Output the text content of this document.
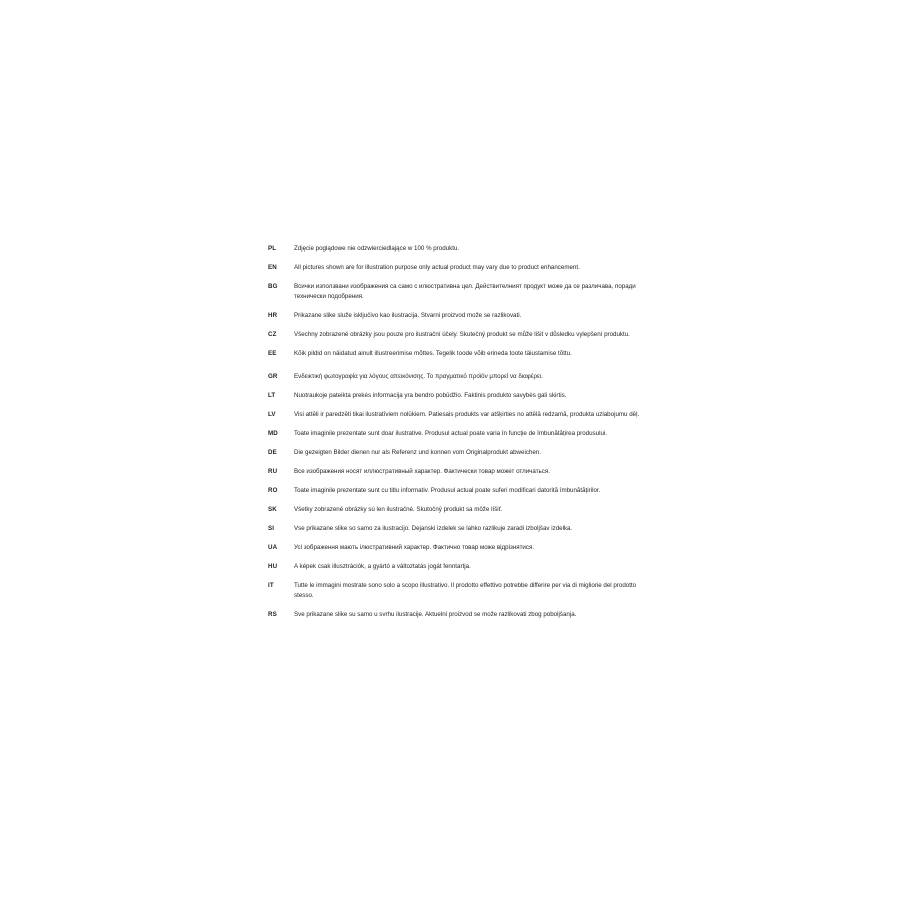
PL	Zdjęcie poglądowe nie odzwierciedlające w 100 % produktu.
EN	All pictures shown are for illustration purpose only actual product may vary due to product enhancement.
BG	Всички използвани изображения са само с илюстративна цел. Действителният продукт може да се различава, поради технически подобрения.
HR	Prikazane slike služe isključivo kao ilustracija. Stvarni proizvod može se razlikovati.
CZ	Všechny zobrazené obrázky jsou pouze pro ilustrační účely. Skutečný produkt se může lišit v důsledku vylepšení produktu.
EE	Kõik pildid on näidatud ainult illustreerimise mõttes. Tegelik toode võib erineda toote täiustamise tõttu.
GR	Ενδεικτική φωτογραφία για λόγους απεικόνισης. Το πραγματικό προϊόν μπορεί να διαφέρει.
LT	Nuotraukoje pateikta prekės informacija yra bendro pobūdžio. Faktinis produkto savybės gali skirtis.
LV	Visi attēli ir paredzēti tikai ilustratīviem nolūkiem. Patiesais produkts var atšķirties no attēlā redzamā, produkta uzlabojumu dēļ.
MD	Toate imaginile prezentate sunt doar ilustrative. Produsul actual poate varia în funcție de îmbunătățirea produsului.
DE	Die gezeigten Bilder dienen nur als Referenz und konnen vom Originalprodukt abweichen.
RU	Все изображения носят иллюстративный характер. Фактически товар может отличаться.
RO	Toate imaginile prezentate sunt cu titlu informativ. Produsul actual poate suferi modificari datorită îmbunătățirilor.
SK	Všetky zobrazené obrázky sú len ilustračné. Skutočný produkt sa môže líšiť.
SI	Vse prikazane slike so samo za ilustracijo. Dejanski izdelek se lahko razlikuje zaradi izboljšav izdelka.
UA	Усі зображення мають ілюстративний характер. Фактично товар може відрізнятися.
HU	A képek csak illusztrációk, a gyártó a változtatás jogát fenntartja.
IT	Tutte le immagini mostrate sono solo a scopo illustrativo. Il prodotto effettivo potrebbe differire per via di migliorie del prodotto stesso.
RS	Sve prikazane slike su samo u svrhu ilustracije. Aktuelni proizvod se može razlikovati zbog poboljšanja.
